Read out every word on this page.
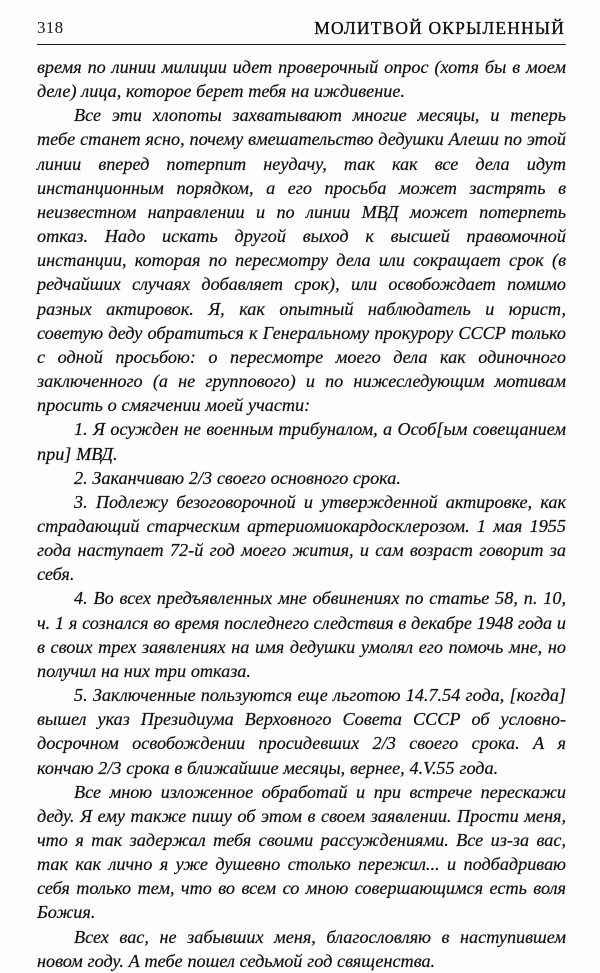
318	МОЛИТВОЙ ОКРЫЛЕННЫЙ

время по линии милиции идет проверочный опрос (хотя бы в моем деле) лица, которое берет тебя на иждивение.

Все эти хлопоты захватывают многие месяцы, и теперь тебе станет ясно, почему вмешательство дедушки Алеши по этой линии вперед потерпит неудачу, так как все дела идут инстанционным порядком, а его просьба может застрять в неизвестном направлении и по линии МВД может потерпеть отказ. Надо искать другой выход к высшей правомочной инстанции, которая по пересмотру дела или сокращает срок (в редчайших случаях добавляет срок), или освобождает помимо разных актировок. Я, как опытный наблюдатель и юрист, советую деду обратиться к Генеральному прокурору СССР только с одной просьбою: о пересмотре моего дела как одиночного заключенного (а не группового) и по нижеследующим мотивам просить о смягчении моей участи:

1. Я осужден не военным трибуналом, а Особ[ым совещанием при] МВД.

2. Заканчиваю 2/3 своего основного срока.

3. Подлежу безоговорочной и утвержденной актировке, как страдающий старческим артериомиокардосклерозом. 1 мая 1955 года наступает 72-й год моего жития, и сам возраст говорит за себя.

4. Во всех предъявленных мне обвинениях по статье 58, п. 10, ч. 1 я сознался во время последнего следствия в декабре 1948 года и в своих трех заявлениях на имя дедушки умолял его помочь мне, но получил на них три отказа.

5. Заключенные пользуются еще льготою 14.7.54 года, [когда] вышел указ Президиума Верховного Совета СССР об условно-досрочном освобождении просидевших 2/3 своего срока. А я кончаю 2/3 срока в ближайшие месяцы, вернее, 4.V.55 года.

Все мною изложенное обработай и при встрече перескажи деду. Я ему также пишу об этом в своем заявлении. Прости меня, что я так задержал тебя своими рассуждениями. Все из-за вас, так как лично я уже душевно столько пережил... и подбадриваю себя только тем, что во всем со мною совершающимся есть воля Божия.

Всех вас, не забывших меня, благословляю в наступившем новом году. А тебе пошел седьмой год священства.
